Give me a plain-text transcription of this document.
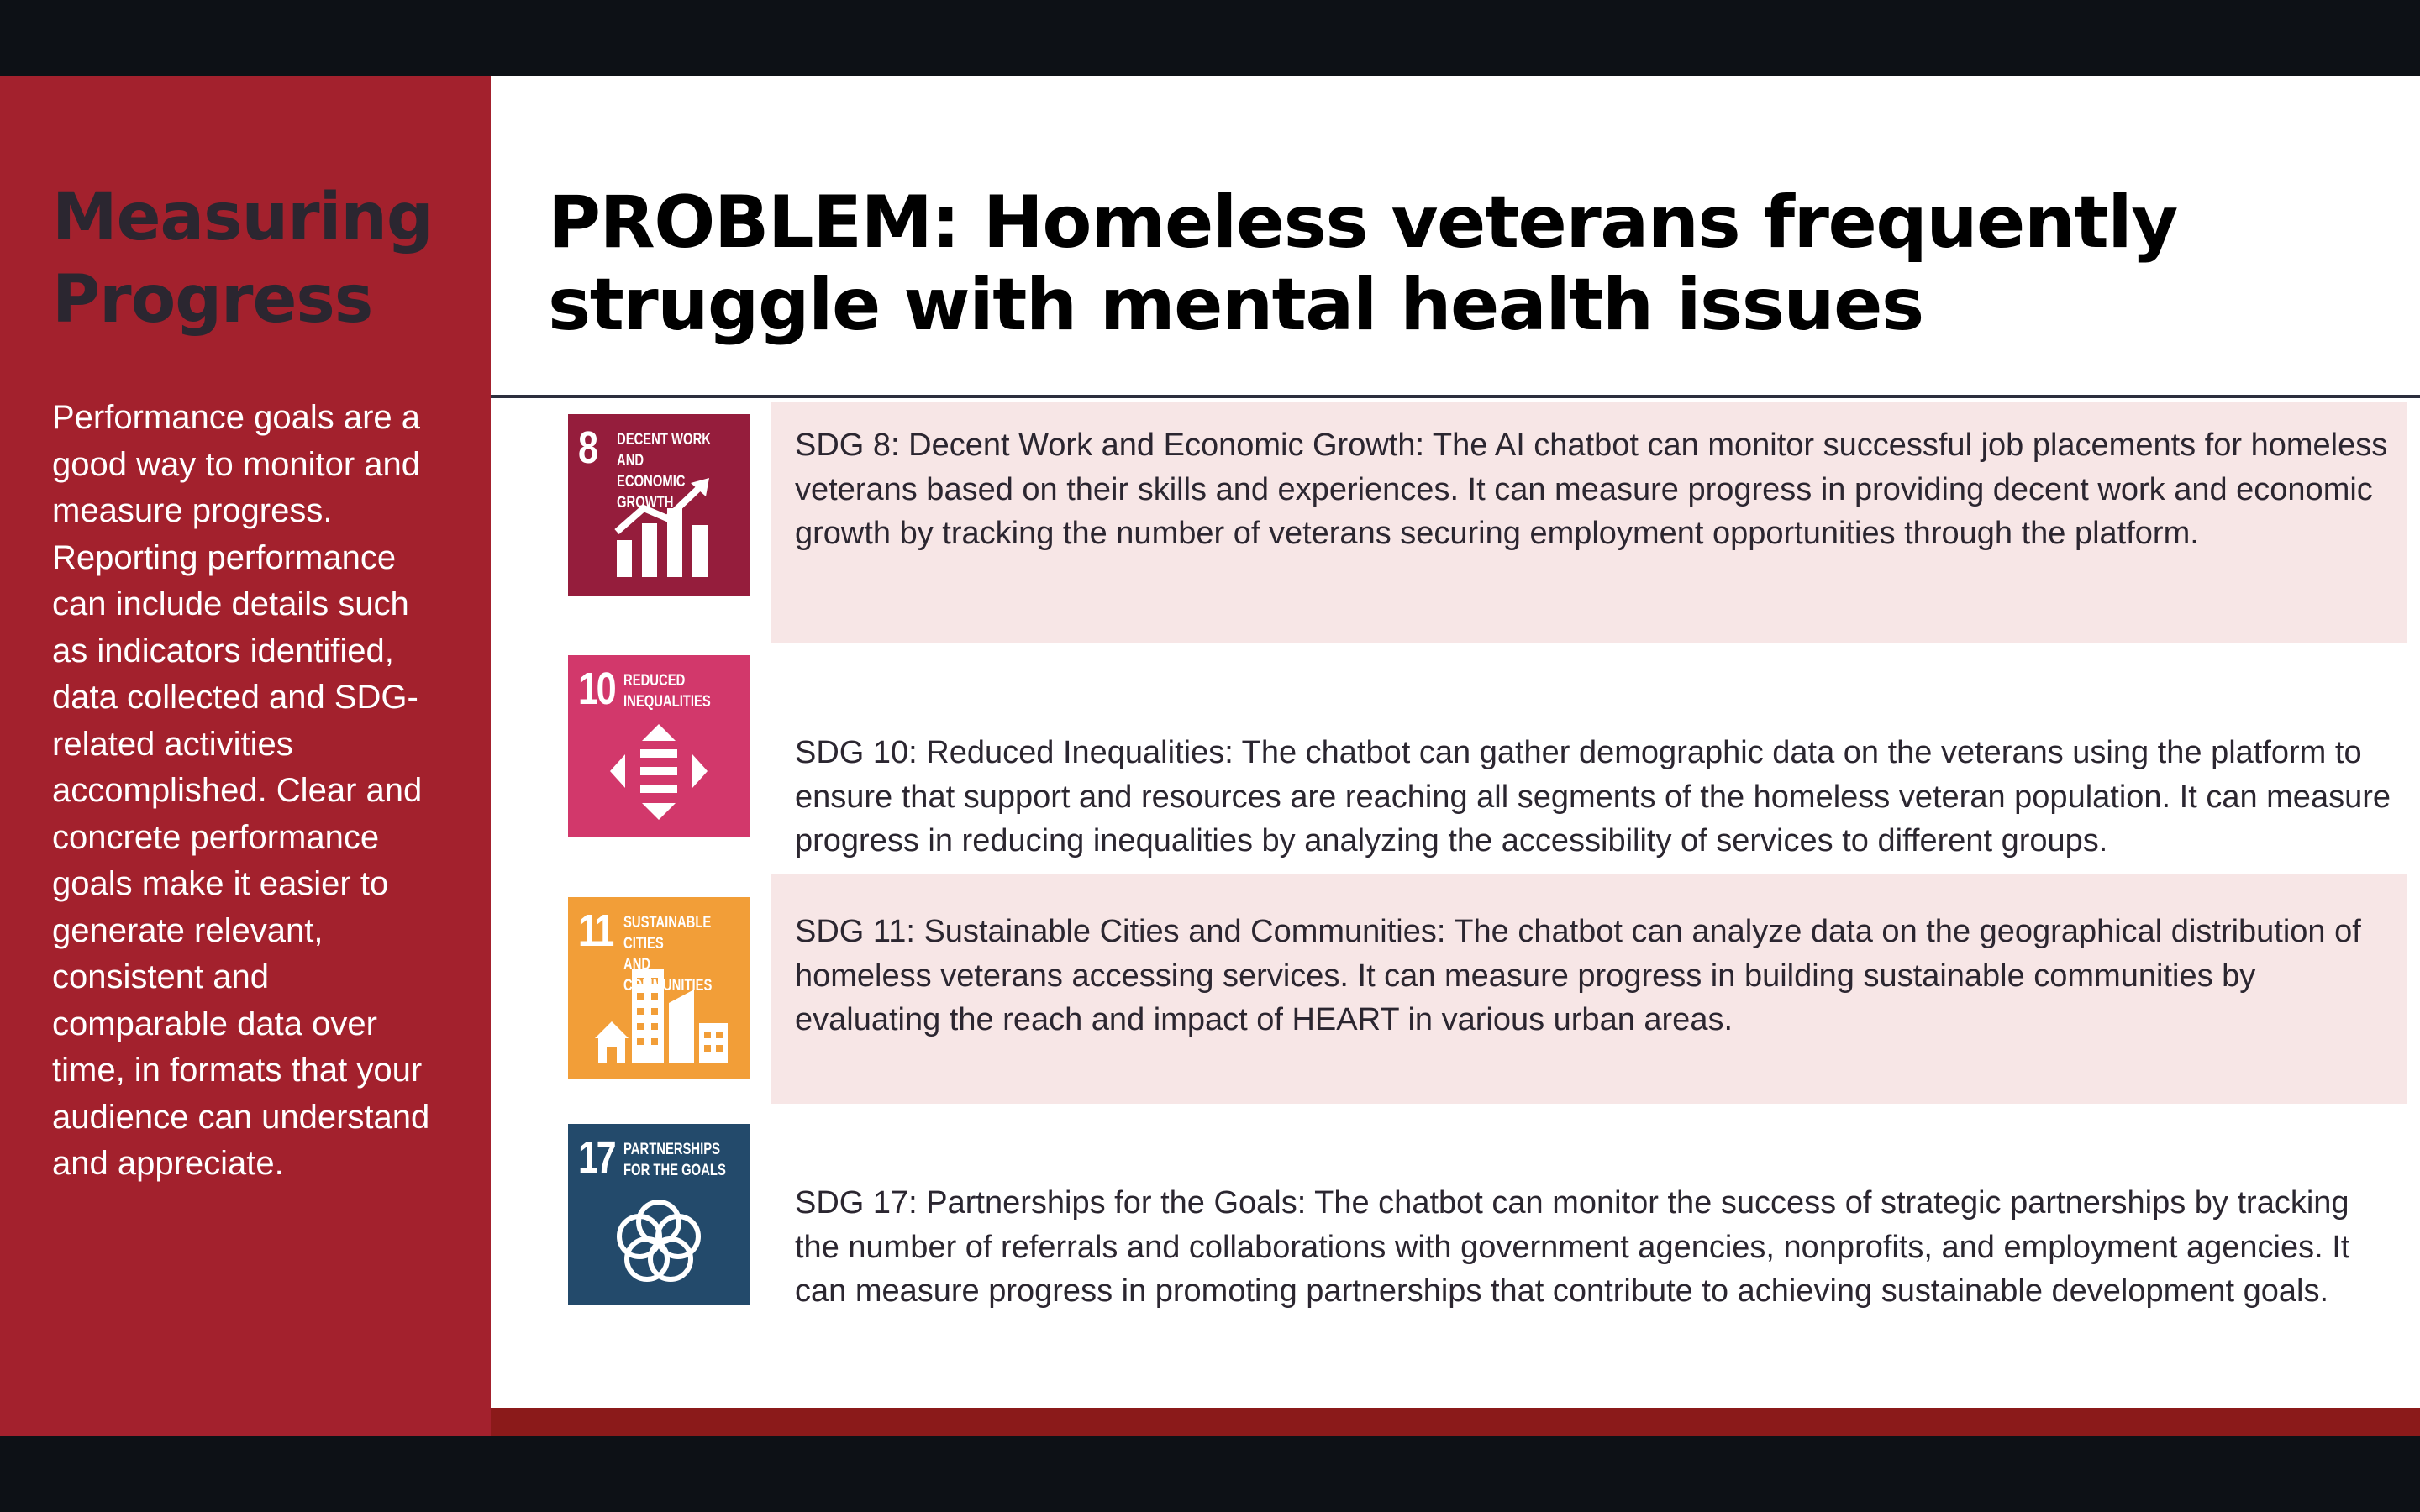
Measuring Progress
Performance goals are a good way to monitor and measure progress. Reporting performance can include details such as indicators identified, data collected and SDG-related activities accomplished. Clear and concrete performance goals make it easier to generate relevant, consistent and comparable data over time, in formats that your audience can understand and appreciate.
PROBLEM: Homeless veterans frequently struggle with mental health issues
SDG 8: Decent Work and Economic Growth: The AI chatbot can monitor successful job placements for homeless veterans based on their skills and experiences. It can measure progress in providing decent work and economic growth by tracking the number of veterans securing employment opportunities through the platform.
8 DECENT WORK AND
ECONOMIC GROWTH
SDG 10: Reduced Inequalities: The chatbot can gather demographic data on the veterans using the platform to ensure that support and resources are reaching all segments of the homeless veteran population. It can measure progress in reducing inequalities by analyzing the accessibility of services to different groups.
10 REDUCED
INEQUALITIES
SDG 11: Sustainable Cities and Communities: The chatbot can analyze data on the geographical distribution of homeless veterans accessing services. It can measure progress in building sustainable communities by evaluating the reach and impact of HEART in various urban areas.
11 SUSTAINABLE CITIES
AND COMMUNITIES
SDG 17: Partnerships for the Goals: The chatbot can monitor the success of strategic partnerships by tracking the number of referrals and collaborations with government agencies, nonprofits, and employment agencies. It can measure progress in promoting partnerships that contribute to achieving sustainable development goals.
17 PARTNERSHIPS
FOR THE GOALS
